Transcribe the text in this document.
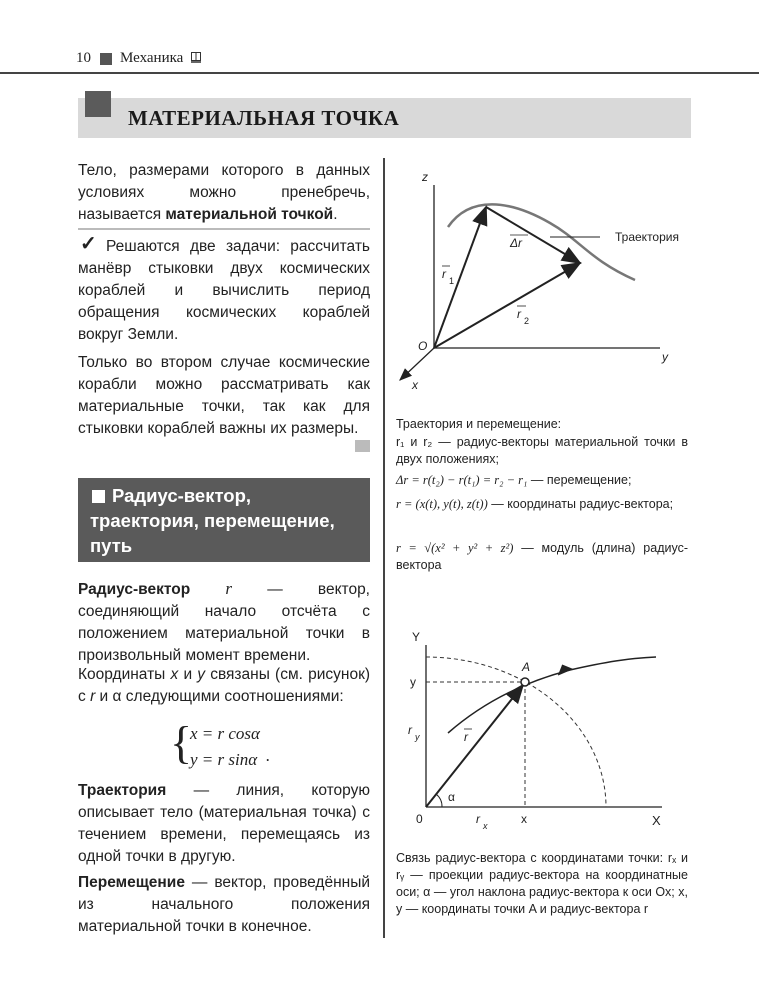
10 Механика
МАТЕРИАЛЬНАЯ ТОЧКА
Тело, размерами которого в данных условиях можно пренебречь, называется материальной точкой.
✓ Решаются две задачи: рассчитать манёвр стыковки двух космических кораблей и вычислить период обращения космических кораблей вокруг Земли.
Только во втором случае космические корабли можно рассматривать как материальные точки, так как для стыковки кораблей важны их размеры.
Радиус-вектор,
траектория, перемещение,
путь
Радиус-вектор r — вектор, соединяющий начало отсчёта с положением материальной точки в произвольный момент времени.
Координаты x и y связаны (см. рисунок) с r и α следующими соотношениями:
{
x = r cosα
y = r sinα .
Траектория — линия, которую описывает тело (материальная точка) с течением времени, перемещаясь из одной точки в другую.
Перемещение — вектор, проведённый из начального положения материальной точки в конечное.
z
y
x
O
r 1
r 2
Δr	Траектория
Траектория и перемещение:
r₁ и r₂ — радиус-векторы материальной точки в двух положениях;
Δr = r(t₂) − r(t₁) = r₂ − r₁ — перемещение;
r = (x(t), y(t), z(t)) — координаты радиус-вектора;
r = √(x² + y² + z²) — модуль (длина) радиус-вектора
Y
X
0
y
x
A
r
r y
r x
α
Связь радиус-вектора с координатами точки: rₓ и rᵧ — проекции радиус-вектора на координатные оси; α — угол наклона радиус-вектора к оси Ox; x, y — координаты точки A и радиус-вектора r
